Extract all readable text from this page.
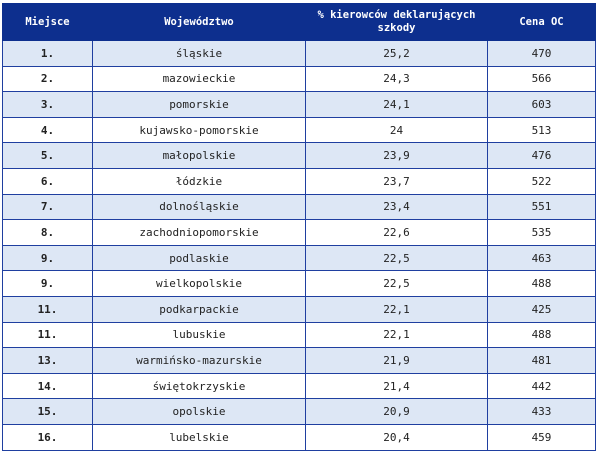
Miejsce	Województwo	% kierowców deklarujących szkody	Cena OC
1.	śląskie	25,2	470
2.	mazowieckie	24,3	566
3.	pomorskie	24,1	603
4.	kujawsko-pomorskie	24	513
5.	małopolskie	23,9	476
6.	łódzkie	23,7	522
7.	dolnośląskie	23,4	551
8.	zachodniopomorskie	22,6	535
9.	podlaskie	22,5	463
9.	wielkopolskie	22,5	488
11.	podkarpackie	22,1	425
11.	lubuskie	22,1	488
13.	warmińsko-mazurskie	21,9	481
14.	świętokrzyskie	21,4	442
15.	opolskie	20,9	433
16.	lubelskie	20,4	459
